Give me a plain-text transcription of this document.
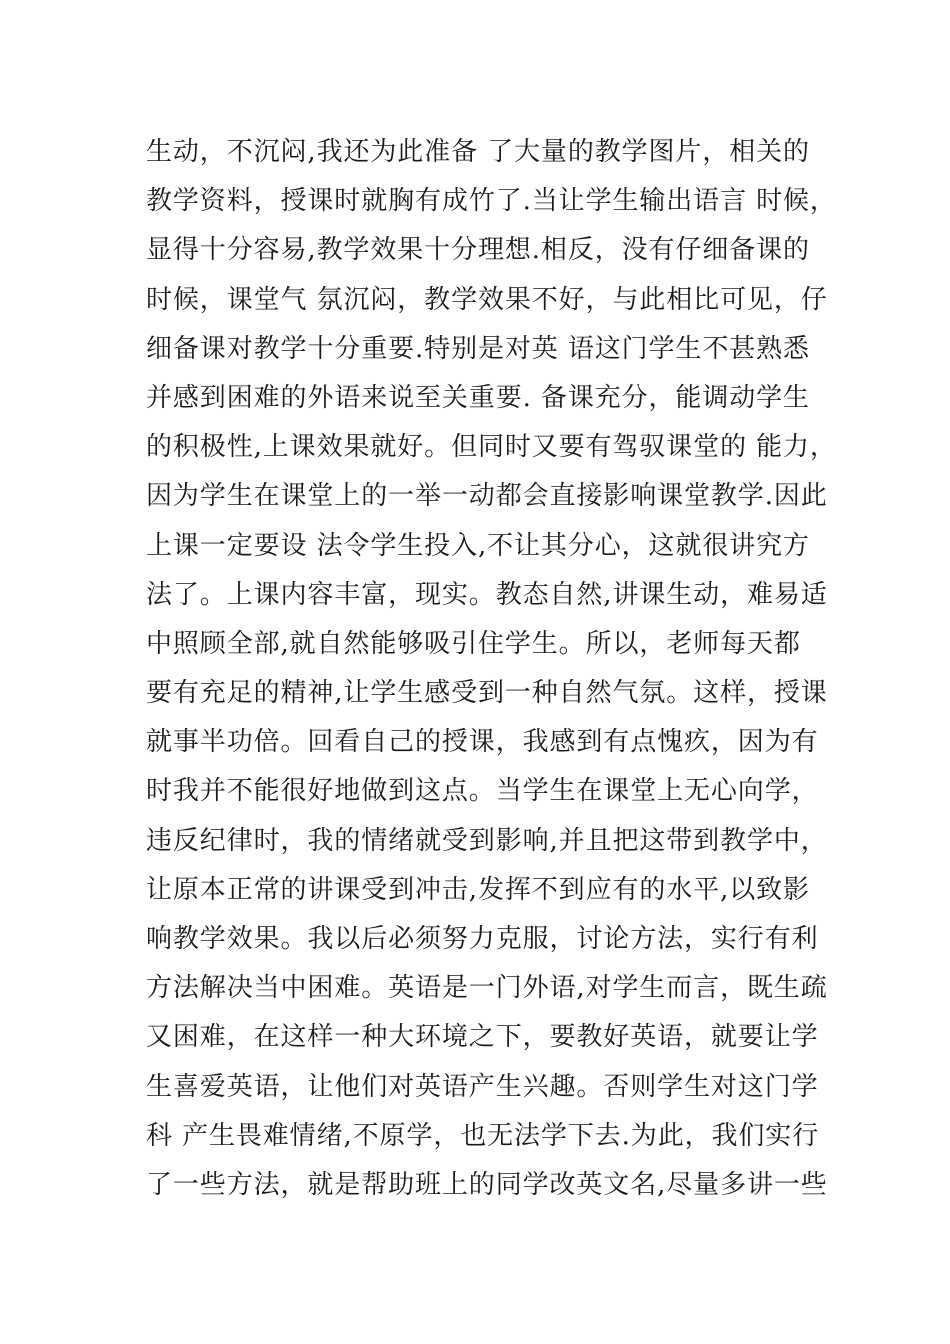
生动，不沉闷,我还为此准备 了大量的教学图片，相关的
教学资料，授课时就胸有成竹了.当让学生输出语言 时候，
显得十分容易,教学效果十分理想.相反，没有仔细备课的
时候，课堂气 氛沉闷，教学效果不好，与此相比可见，仔
细备课对教学十分重要.特别是对英 语这门学生不甚熟悉
并感到困难的外语来说至关重要. 备课充分，能调动学生
的积极性,上课效果就好。但同时又要有驾驭课堂的 能力，
因为学生在课堂上的一举一动都会直接影响课堂教学.因此
上课一定要设 法令学生投入,不让其分心，这就很讲究方
法了。上课内容丰富，现实。教态自然,讲课生动，难易适
中照顾全部,就自然能够吸引住学生。所以，老师每天都
要有充足的精神,让学生感受到一种自然气氛。这样，授课
就事半功倍。回看自己的授课，我感到有点愧疚，因为有
时我并不能很好地做到这点。当学生在课堂上无心向学，
违反纪律时，我的情绪就受到影响,并且把这带到教学中，
让原本正常的讲课受到冲击,发挥不到应有的水平,以致影
响教学效果。我以后必须努力克服，讨论方法，实行有利
方法解决当中困难。英语是一门外语,对学生而言，既生疏
又困难，在这样一种大环境之下，要教好英语，就要让学
生喜爱英语，让他们对英语产生兴趣。否则学生对这门学
科 产生畏难情绪,不原学，也无法学下去.为此，我们实行
了一些方法，就是帮助班上的同学改英文名,尽量多讲一些
